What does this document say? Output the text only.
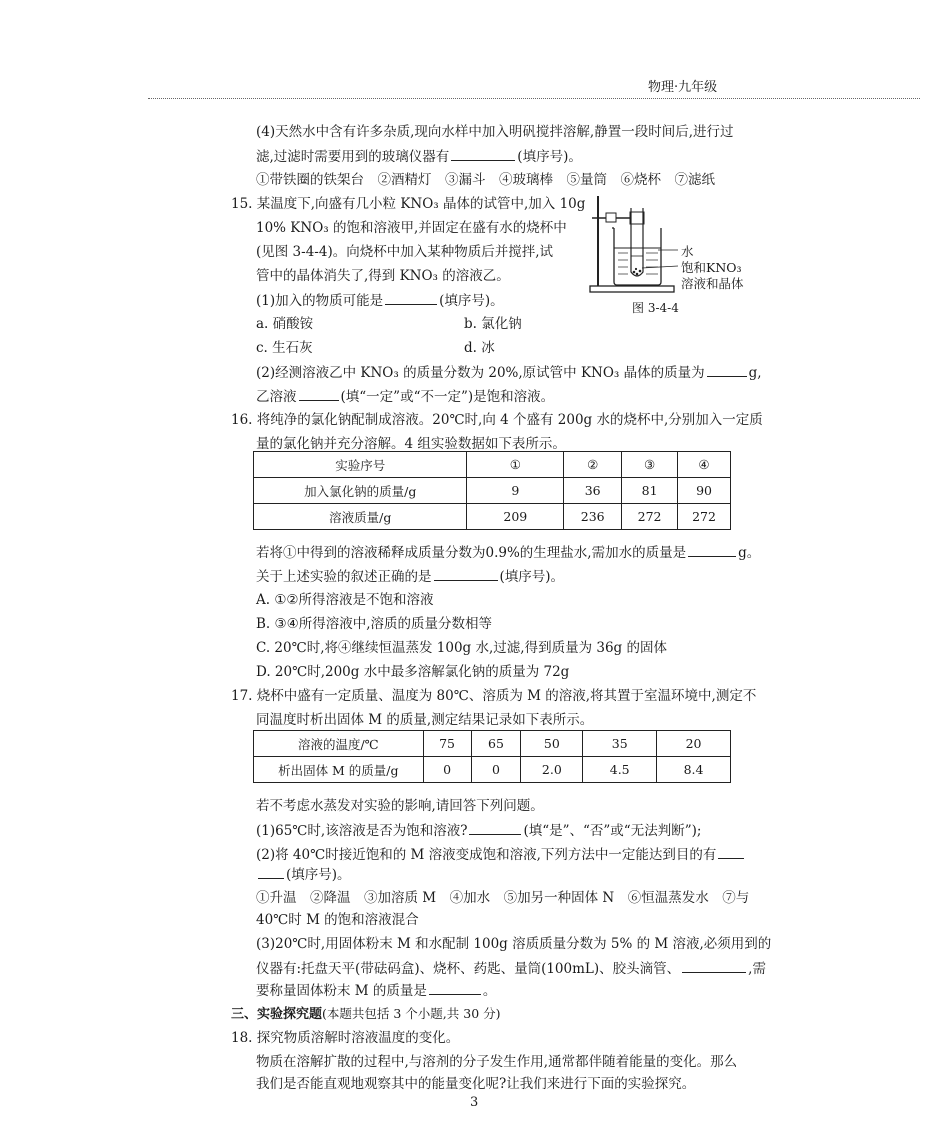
物理·九年级
(4)天然水中含有许多杂质,现向水样中加入明矾搅拌溶解,静置一段时间后,进行过
滤,过滤时需要用到的玻璃仪器有	(填序号)。
①带铁圈的铁架台　②酒精灯　③漏斗　④玻璃棒　⑤量筒　⑥烧杯　⑦滤纸
15. 某温度下,向盛有几小粒 KNO₃ 晶体的试管中,加入 10g
10% KNO₃ 的饱和溶液甲,并固定在盛有水的烧杯中
(见图 3-4-4)。向烧杯中加入某种物质后并搅拌,试
管中的晶体消失了,得到 KNO₃ 的溶液乙。
(1)加入的物质可能是	(填序号)。
a. 硝酸铵	b. 氯化钠
c. 生石灰	d. 冰
(2)经测溶液乙中 KNO₃ 的质量分数为 20%,原试管中 KNO₃ 晶体的质量为	g,
乙溶液	(填“一定”或“不一定”)是饱和溶液。
水
饱和KNO₃
溶液和晶体
图 3-4-4
16. 将纯净的氯化钠配制成溶液。20℃时,向 4 个盛有 200g 水的烧杯中,分别加入一定质
量的氯化钠并充分溶解。4 组实验数据如下表所示。
实验序号	①	②	③	④
加入氯化钠的质量/g	9	36	81	90
溶液质量/g	209	236	272	272
若将①中得到的溶液稀释成质量分数为0.9%的生理盐水,需加水的质量是	g。
关于上述实验的叙述正确的是	(填序号)。
A. ①②所得溶液是不饱和溶液
B. ③④所得溶液中,溶质的质量分数相等
C. 20℃时,将④继续恒温蒸发 100g 水,过滤,得到质量为 36g 的固体
D. 20℃时,200g 水中最多溶解氯化钠的质量为 72g
17. 烧杯中盛有一定质量、温度为 80℃、溶质为 M 的溶液,将其置于室温环境中,测定不
同温度时析出固体 M 的质量,测定结果记录如下表所示。
溶液的温度/℃	75	65	50	35	20
析出固体 M 的质量/g	0	0	2.0	4.5	8.4
若不考虑水蒸发对实验的影响,请回答下列问题。
(1)65℃时,该溶液是否为饱和溶液?	(填“是”、“否”或“无法判断”);
(2)将 40℃时接近饱和的 M 溶液变成饱和溶液,下列方法中一定能达到目的有
(填序号)。
①升温　②降温　③加溶质 M　④加水　⑤加另一种固体 N　⑥恒温蒸发水　⑦与
40℃时 M 的饱和溶液混合
(3)20℃时,用固体粉末 M 和水配制 100g 溶质质量分数为 5% 的 M 溶液,必须用到的
仪器有:托盘天平(带砝码盒)、烧杯、药匙、量筒(100mL)、胶头滴管、	,需
要称量固体粉末 M 的质量是	。
三、实验探究题(本题共包括 3 个小题,共 30 分)
18. 探究物质溶解时溶液温度的变化。
物质在溶解扩散的过程中,与溶剂的分子发生作用,通常都伴随着能量的变化。那么
我们是否能直观地观察其中的能量变化呢?让我们来进行下面的实验探究。
3
